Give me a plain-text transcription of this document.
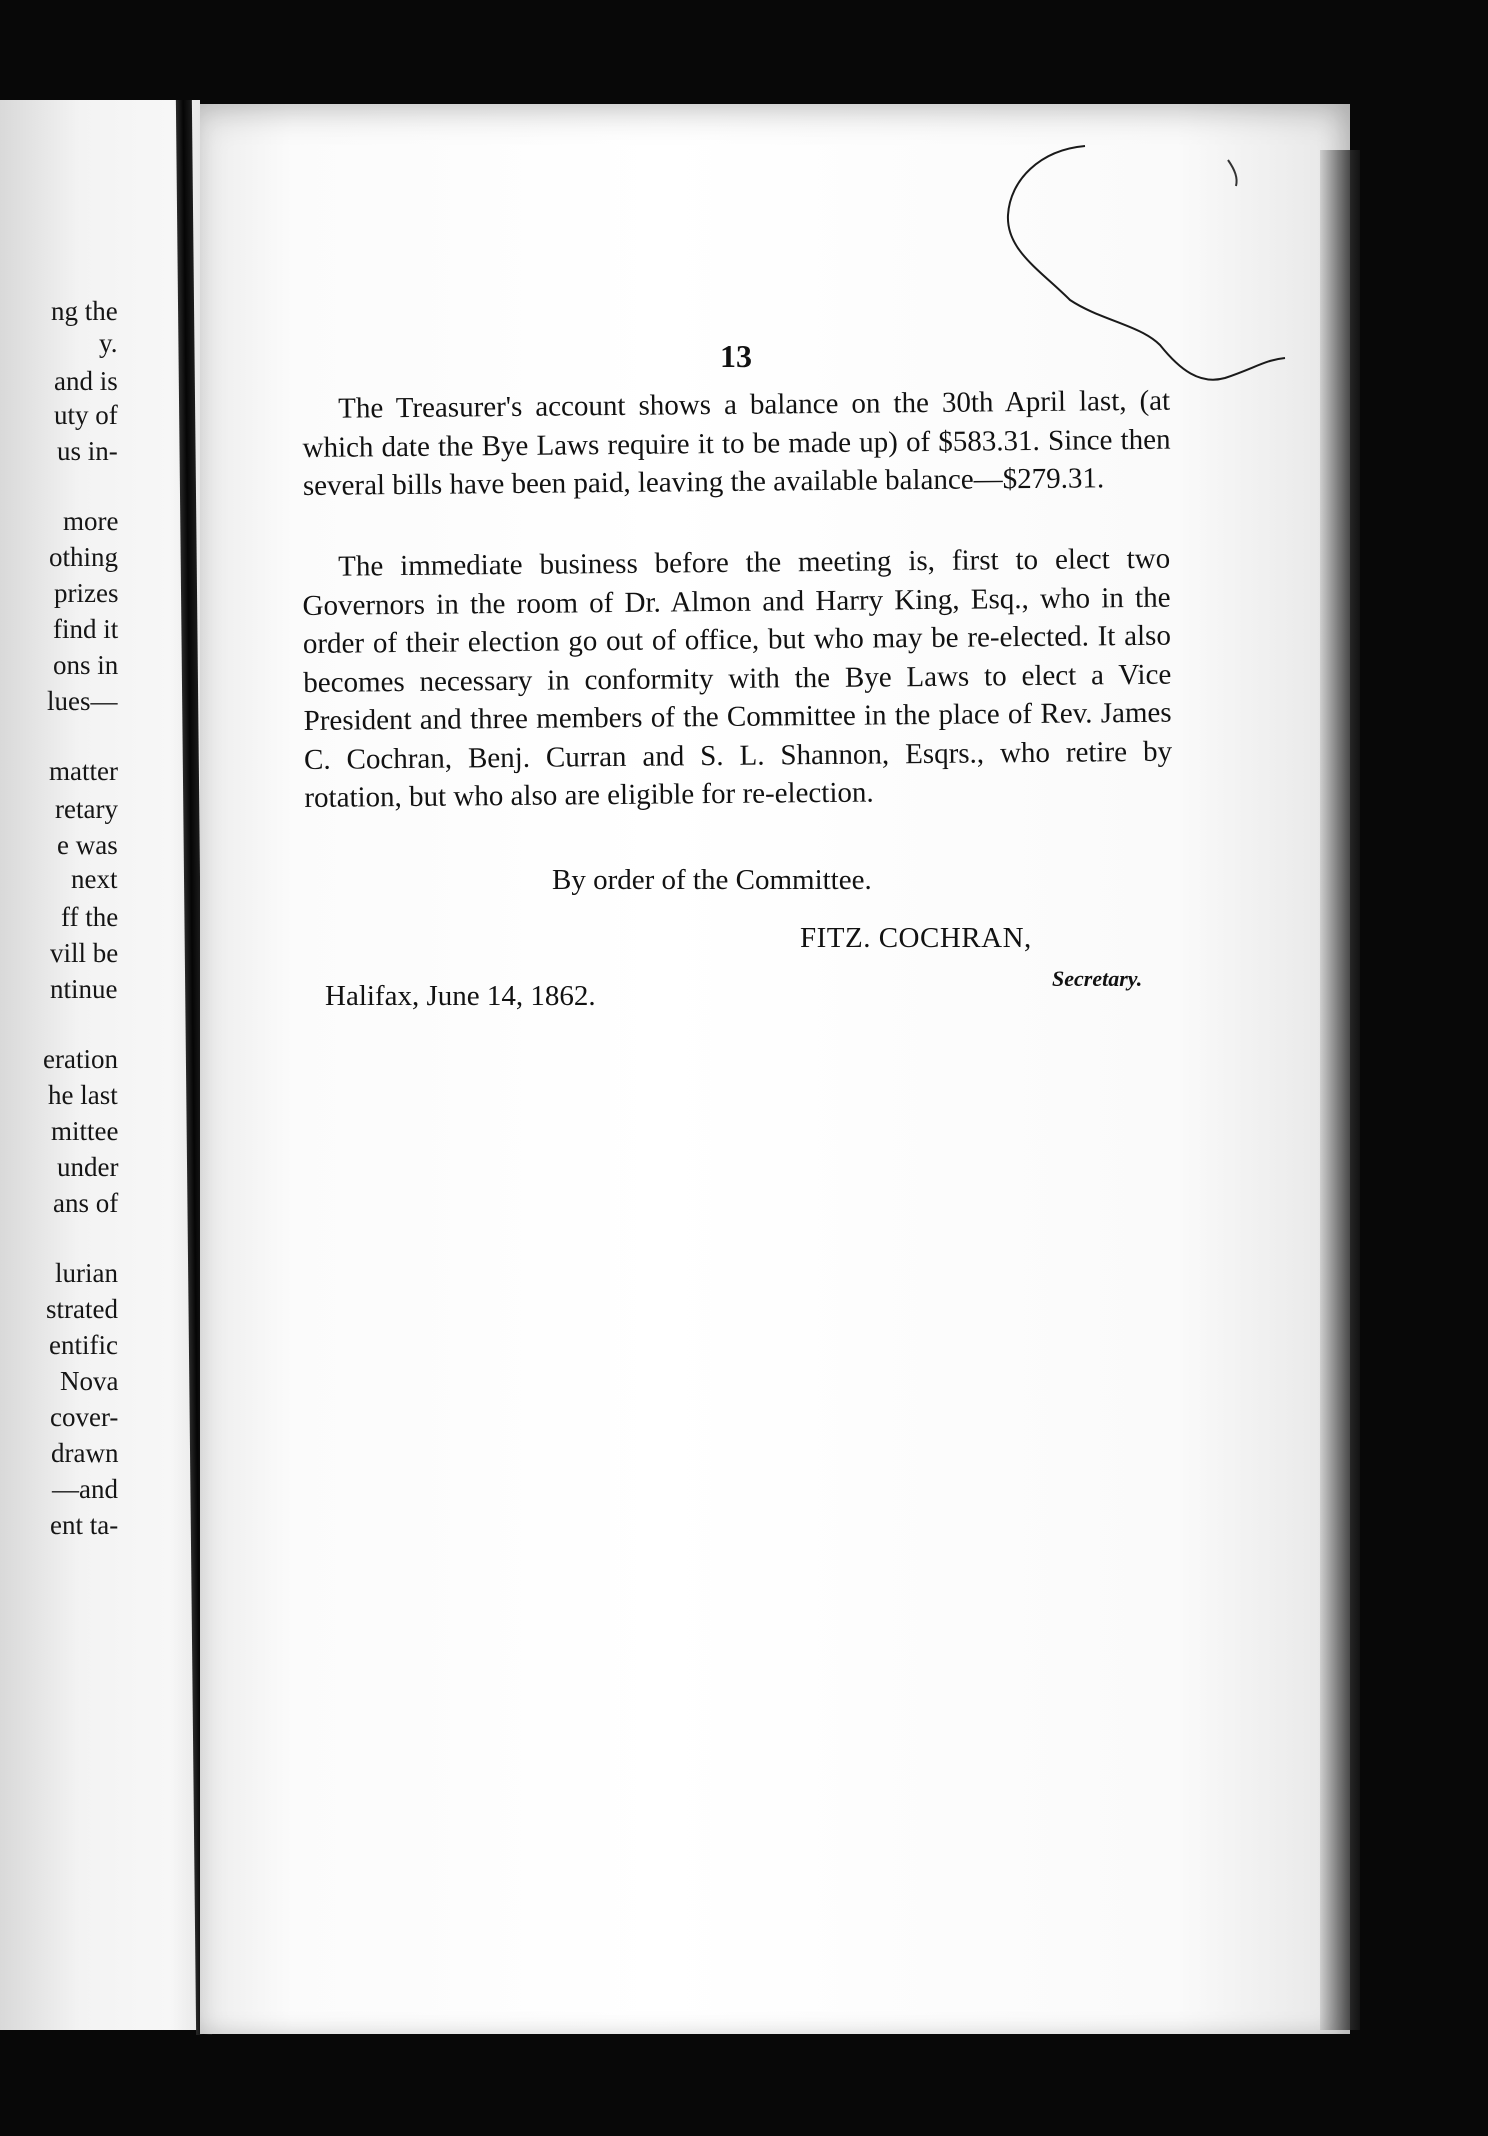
ng the
y.
and is
uty of
us in-
more
othing
prizes
find it
ons in
lues—
matter
retary
e was
next
ff the
vill be
ntinue
eration
he last
mittee
under
ans of
lurian
strated
entific
Nova
cover-
drawn
—and
ent ta-
13

The Treasurer's account shows a balance on the 30th April last, (at which date the Bye Laws require it to be made up) of $583.31. Since then several bills have been paid, leaving the available balance—$279.31.

The immediate business before the meeting is, first to elect two Governors in the room of Dr. Almon and Harry King, Esq., who in the order of their election go out of office, but who may be re-elected. It also becomes necessary in conformity with the Bye Laws to elect a Vice President and three members of the Committee in the place of Rev. James C. Cochran, Benj. Curran and S. L. Shannon, Esqrs., who retire by rotation, but who also are eligible for re-election.

By order of the Committee.
FITZ. COCHRAN,
Secretary.
Halifax, June 14, 1862.
